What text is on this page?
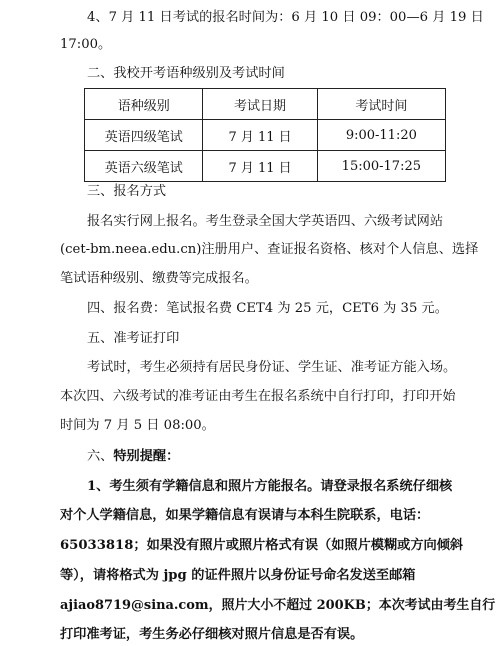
4、7 月 11 日考试的报名时间为：6 月 10 日 09：00—6 月 19 日
17:00。
二、我校开考语种级别及考试时间
语种级别	考试日期	考试时间
英语四级笔试	7 月 11 日	9:00-11:20
英语六级笔试	7 月 11 日	15:00-17:25
三、报名方式
报名实行网上报名。考生登录全国大学英语四、六级考试网站
(cet-bm.neea.edu.cn)注册用户、查证报名资格、核对个人信息、选择
笔试语种级别、缴费等完成报名。
四、报名费：笔试报名费 CET4 为 25 元，CET6 为 35 元。
五、准考证打印
考试时，考生必须持有居民身份证、学生证、准考证方能入场。
本次四、六级考试的准考证由考生在报名系统中自行打印，打印开始
时间为 7 月 5 日 08:00。
六、特别提醒：
1、考生须有学籍信息和照片方能报名。请登录报名系统仔细核
对个人学籍信息，如果学籍信息有误请与本科生院联系，电话：
65033818；如果没有照片或照片格式有误（如照片模糊或方向倾斜
等），请将格式为 jpg 的证件照片以身份证号命名发送至邮箱
ajiao8719@sina.com，照片大小不超过 200KB；本次考试由考生自行
打印准考证，考生务必仔细核对照片信息是否有误。
